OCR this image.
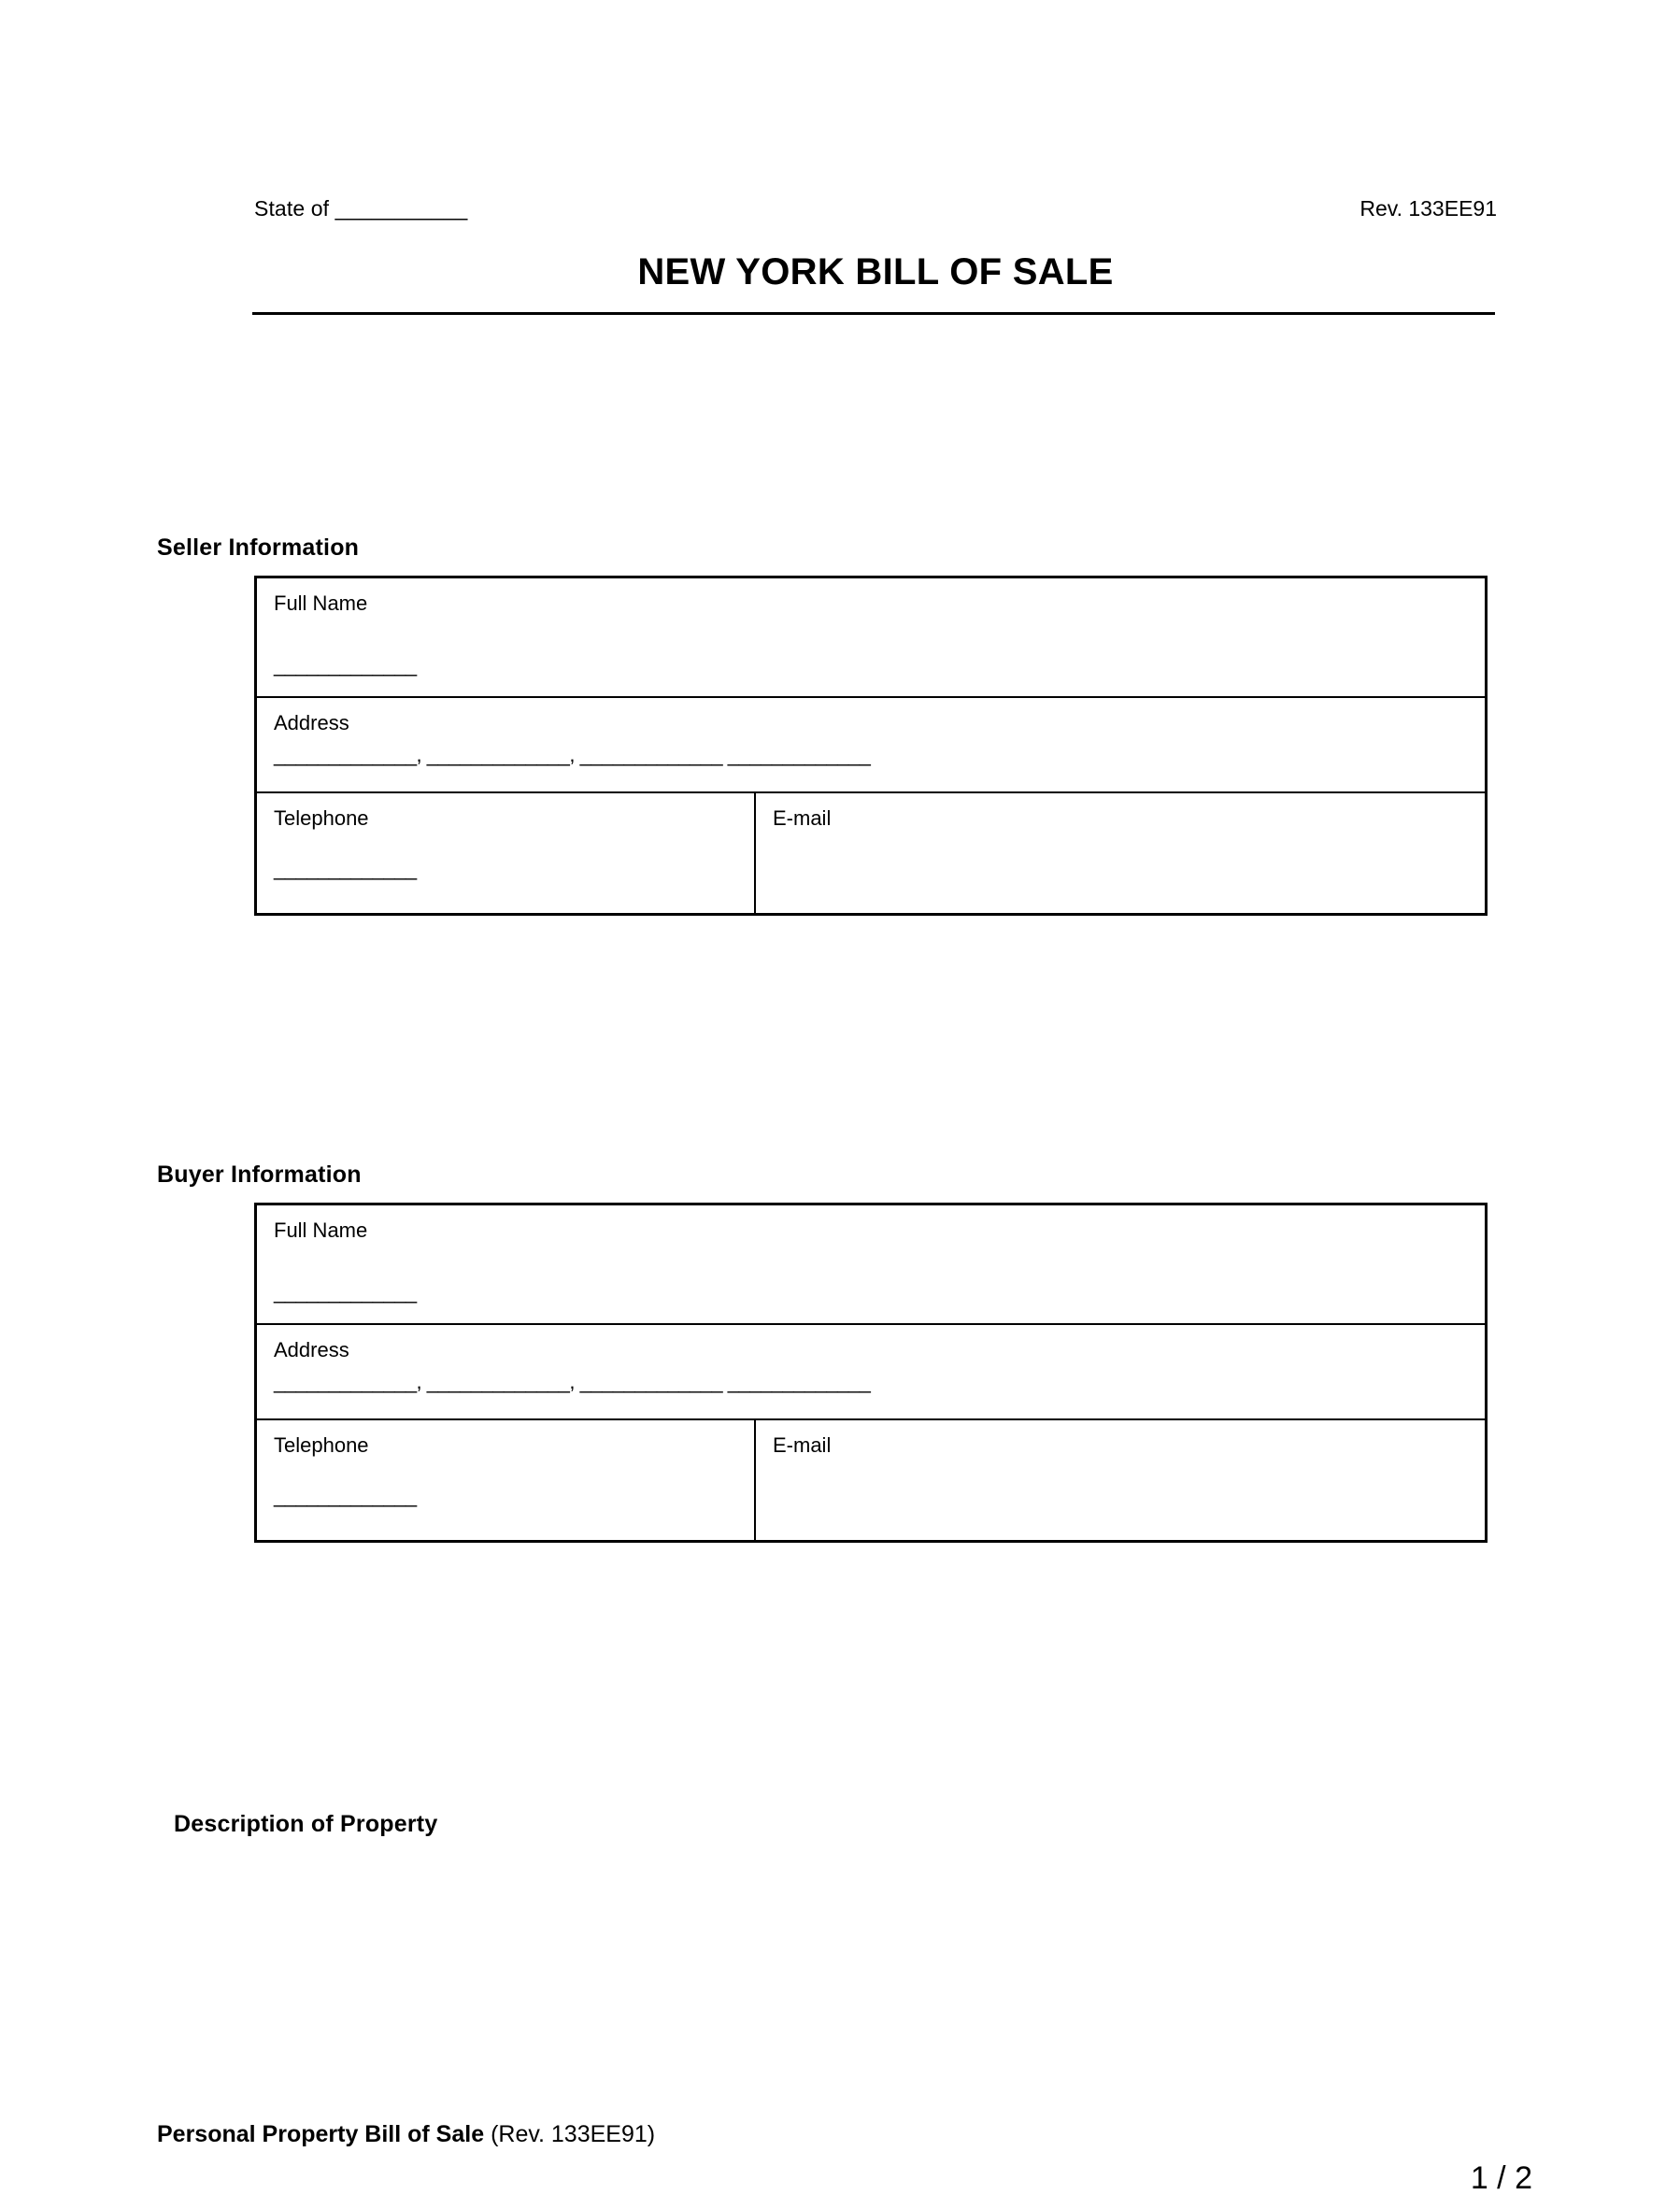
State of ___________	Rev. 133EE91
NEW YORK BILL OF SALE
Seller Information
Full Name
_____________
Address
_____________, _____________, _____________ _____________
Telephone
_____________
E-mail
Buyer Information
Full Name
_____________
Address
_____________, _____________, _____________ _____________
Telephone
_____________
E-mail
Description of Property
Personal Property Bill of Sale (Rev. 133EE91)
1 / 2
